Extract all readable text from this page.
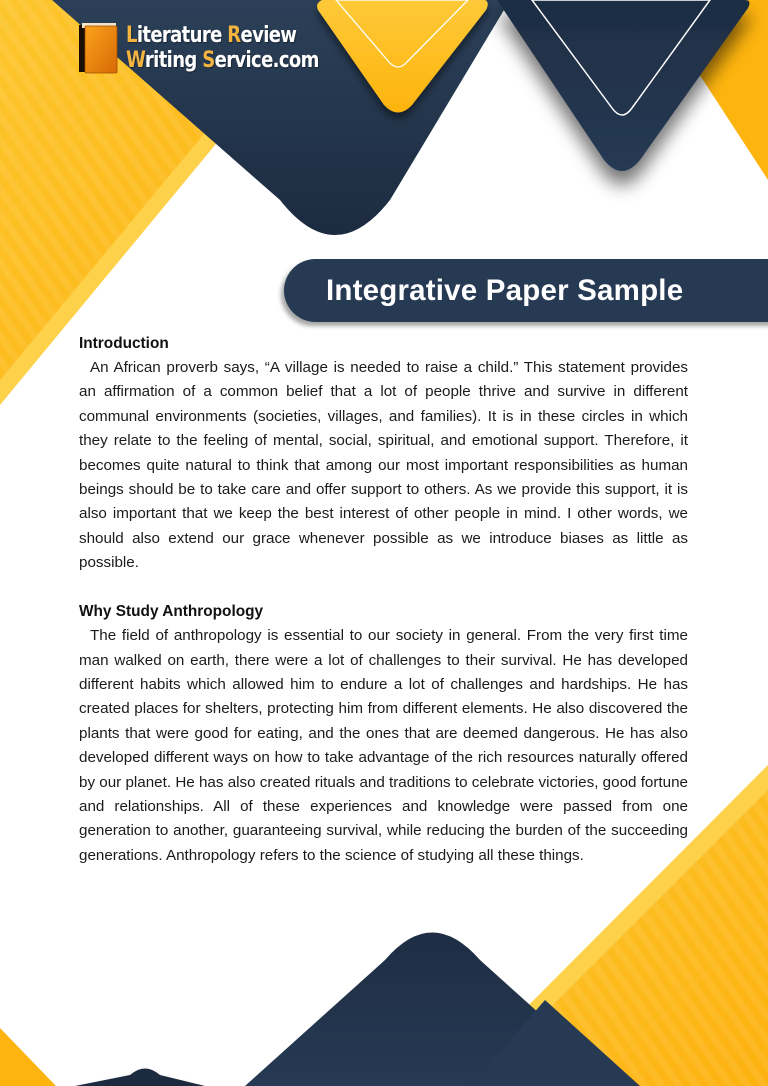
Literature Review
Writing Service.com
Integrative Paper Sample
Introduction

An African proverb says, “A village is needed to raise a child.” This statement provides an affirmation of a common belief that a lot of people thrive and survive in different communal environments (societies, villages, and families). It is in these circles in which they relate to the feeling of mental, social, spiritual, and emotional support. Therefore, it becomes quite natural to think that among our most important responsibilities as human beings should be to take care and offer support to others. As we provide this support, it is also important that we keep the best interest of other people in mind. I other words, we should also extend our grace whenever possible as we introduce biases as little as possible.

Why Study Anthropology

The field of anthropology is essential to our society in general. From the very first time man walked on earth, there were a lot of challenges to their survival. He has developed different habits which allowed him to endure a lot of challenges and hardships. He has created places for shelters, protecting him from different elements. He also discovered the plants that were good for eating, and the ones that are deemed dangerous. He has also developed different ways on how to take advantage of the rich resources naturally offered by our planet. He has also created rituals and traditions to celebrate victories, good fortune and relationships. All of these experiences and knowledge were passed from one generation to another, guaranteeing survival, while reducing the burden of the succeeding generations. Anthropology refers to the science of studying all these things.
